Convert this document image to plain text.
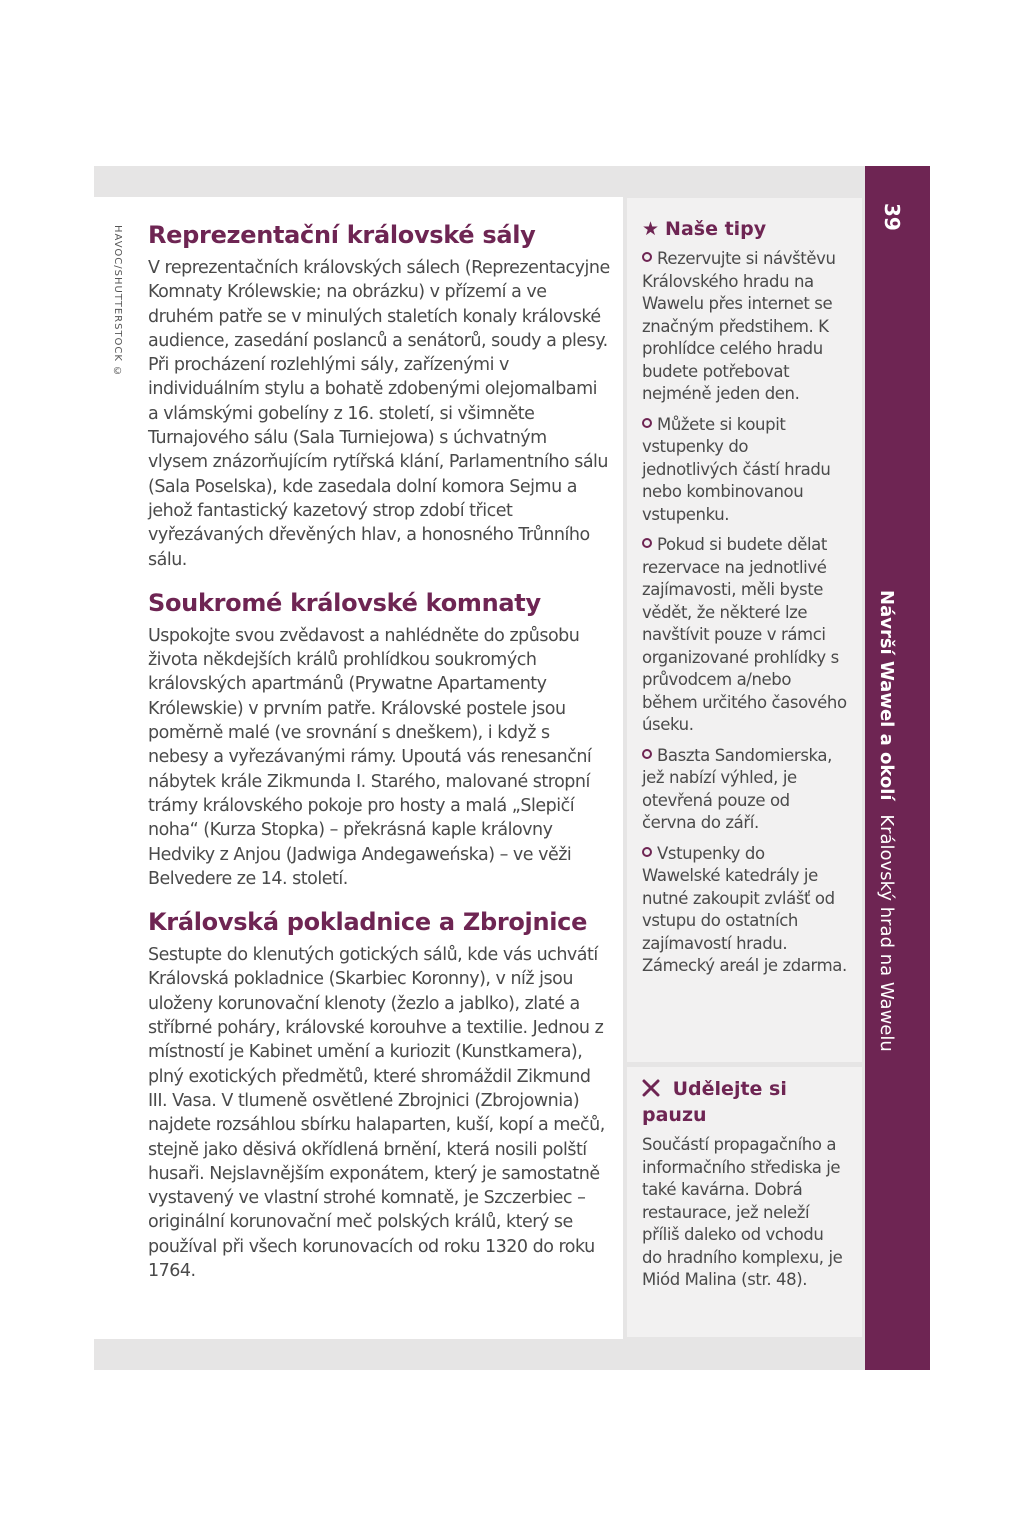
39
Návrší Wawel a okolí Královský hrad na Wawelu
HAVOC/SHUTTERSTOCK © Reprezentační královské sály

V reprezentačních královských sálech (Reprezentacyjne Komnaty Królewskie; na obrázku) v přízemí a ve druhém patře se v minulých staletích konaly královské audience, zasedání poslanců a senátorů, soudy a plesy. Při procházení rozlehlými sály, zařízenými v individuálním stylu a bohatě zdobenými olejomalbami a vlámskými gobelíny z 16. století, si všimněte Turnajového sálu (Sala Turniejowa) s úchvatným vlysem znázorňujícím rytířská klání, Parlamentního sálu (Sala Poselska), kde zasedala dolní komora Sejmu a jehož fantastický kazetový strop zdobí třicet vyřezávaných dřevěných hlav, a honosného Trůnního sálu.

Soukromé královské komnaty

Uspokojte svou zvědavost a nahlédněte do způsobu života někdejších králů prohlídkou soukromých královských apartmánů (Prywatne Apartamenty Królewskie) v prvním patře. Královské postele jsou poměrně malé (ve srovnání s dneškem), i když s nebesy a vyřezávanými rámy. Upoutá vás renesanční nábytek krále Zikmunda I. Starého, malované stropní trámy královského pokoje pro hosty a malá „Slepičí noha“ (Kurza Stopka) – překrásná kaple královny Hedviky z Anjou (Jadwiga Andegaweńska) – ve věži Belvedere ze 14. století.

Královská pokladnice a Zbrojnice

Sestupte do klenutých gotických sálů, kde vás uchvátí Královská pokladnice (Skarbiec Koronny), v níž jsou uloženy korunovační klenoty (žezlo a jablko), zlaté a stříbrné poháry, královské korouhve a textilie. Jednou z místností je Kabinet umění a kuriozit (Kunstkamera), plný exotických předmětů, které shromáždil Zikmund III. Vasa. V tlumeně osvětlené Zbrojnici (Zbrojownia) najdete rozsáhlou sbírku halaparten, kuší, kopí a mečů, stejně jako děsivá okřídlená brnění, která nosili polští husaři. Nejslavnějším exponátem, který je samostatně vystavený ve vlastní strohé komnatě, je Szczerbiec – originální korunovační meč polských králů, který se používal při všech korunovacích od roku 1320 do roku 1764.

★ Naše tipy
Rezervujte si návštěvu Královského hradu na Wawelu přes internet se značným předstihem. K prohlídce celého hradu budete potřebovat nejméně jeden den.
Můžete si koupit vstupenky do jednotlivých částí hradu nebo kombinovanou vstupenku.
Pokud si budete dělat rezervace na jednotlivé zajímavosti, měli byste vědět, že některé lze navštívit pouze v rámci organizované prohlídky s průvodcem a/nebo během určitého časového úseku.
Baszta Sandomierska, jež nabízí výhled, je otevřená pouze od června do září.
Vstupenky do Wawelské katedrály je nutné zakoupit zvlášť od vstupu do ostatních zajímavostí hradu. Zámecký areál je zdarma.
Udělejte si pauzu

Součástí propagačního a informačního střediska je také kavárna. Dobrá restaurace, jež neleží příliš daleko od vchodu do hradního komplexu, je Miód Malina (str. 48).
